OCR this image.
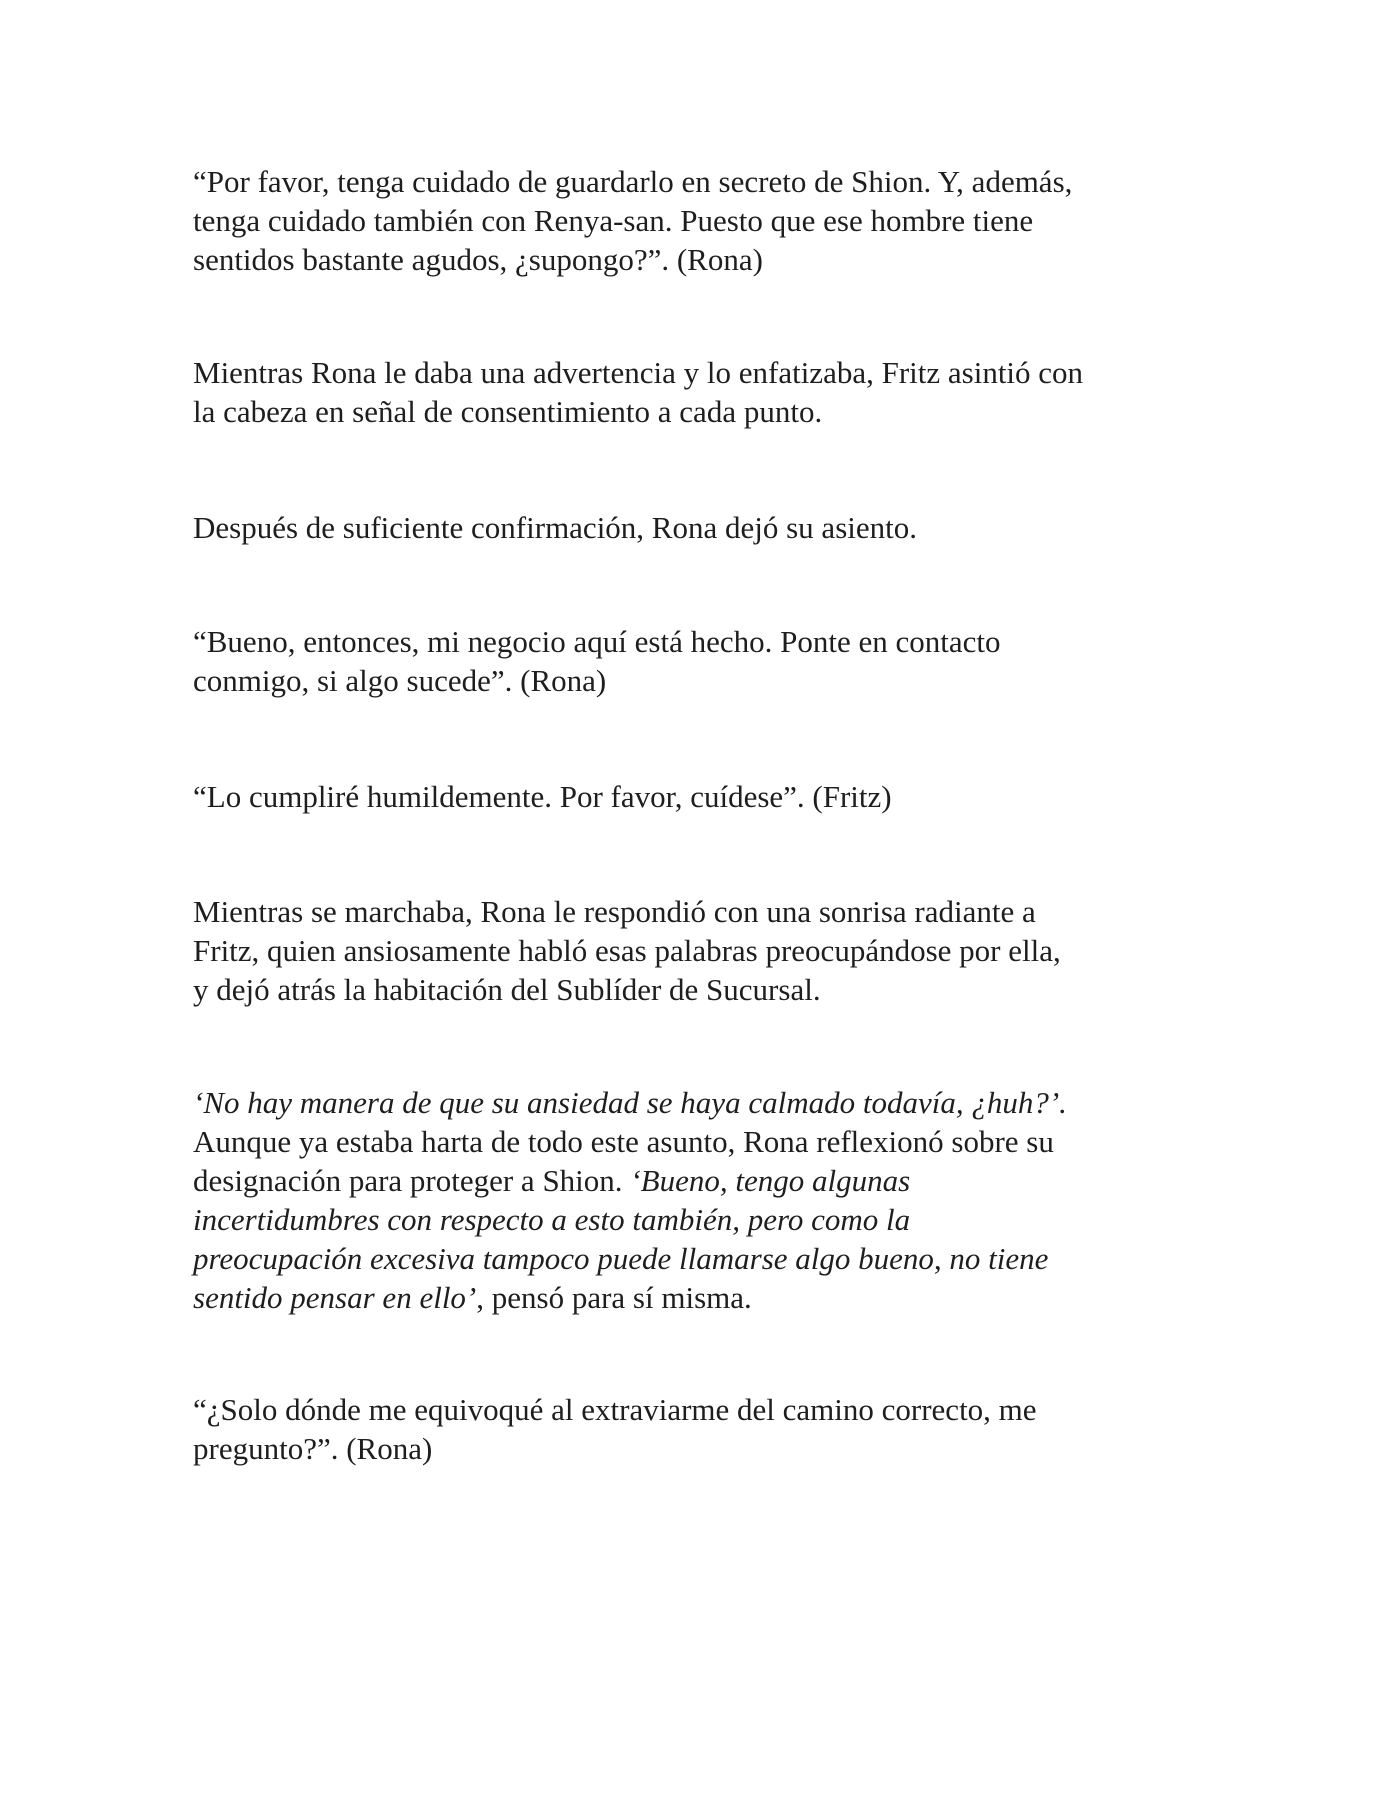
“Por favor, tenga cuidado de guardarlo en secreto de Shion. Y, además,
tenga cuidado también con Renya-san. Puesto que ese hombre tiene
sentidos bastante agudos, ¿supongo?”. (Rona)

Mientras Rona le daba una advertencia y lo enfatizaba, Fritz asintió con
la cabeza en señal de consentimiento a cada punto.

Después de suficiente confirmación, Rona dejó su asiento.

“Bueno, entonces, mi negocio aquí está hecho. Ponte en contacto
conmigo, si algo sucede”. (Rona)

“Lo cumpliré humildemente. Por favor, cuídese”. (Fritz)

Mientras se marchaba, Rona le respondió con una sonrisa radiante a
Fritz, quien ansiosamente habló esas palabras preocupándose por ella,
y dejó atrás la habitación del Sublíder de Sucursal.

‘No hay manera de que su ansiedad se haya calmado todavía, ¿huh?’.
Aunque ya estaba harta de todo este asunto, Rona reflexionó sobre su
designación para proteger a Shion. ‘Bueno, tengo algunas
incertidumbres con respecto a esto también, pero como la
preocupación excesiva tampoco puede llamarse algo bueno, no tiene
sentido pensar en ello’, pensó para sí misma.

“¿Solo dónde me equivoqué al extraviarme del camino correcto, me
pregunto?”. (Rona)
